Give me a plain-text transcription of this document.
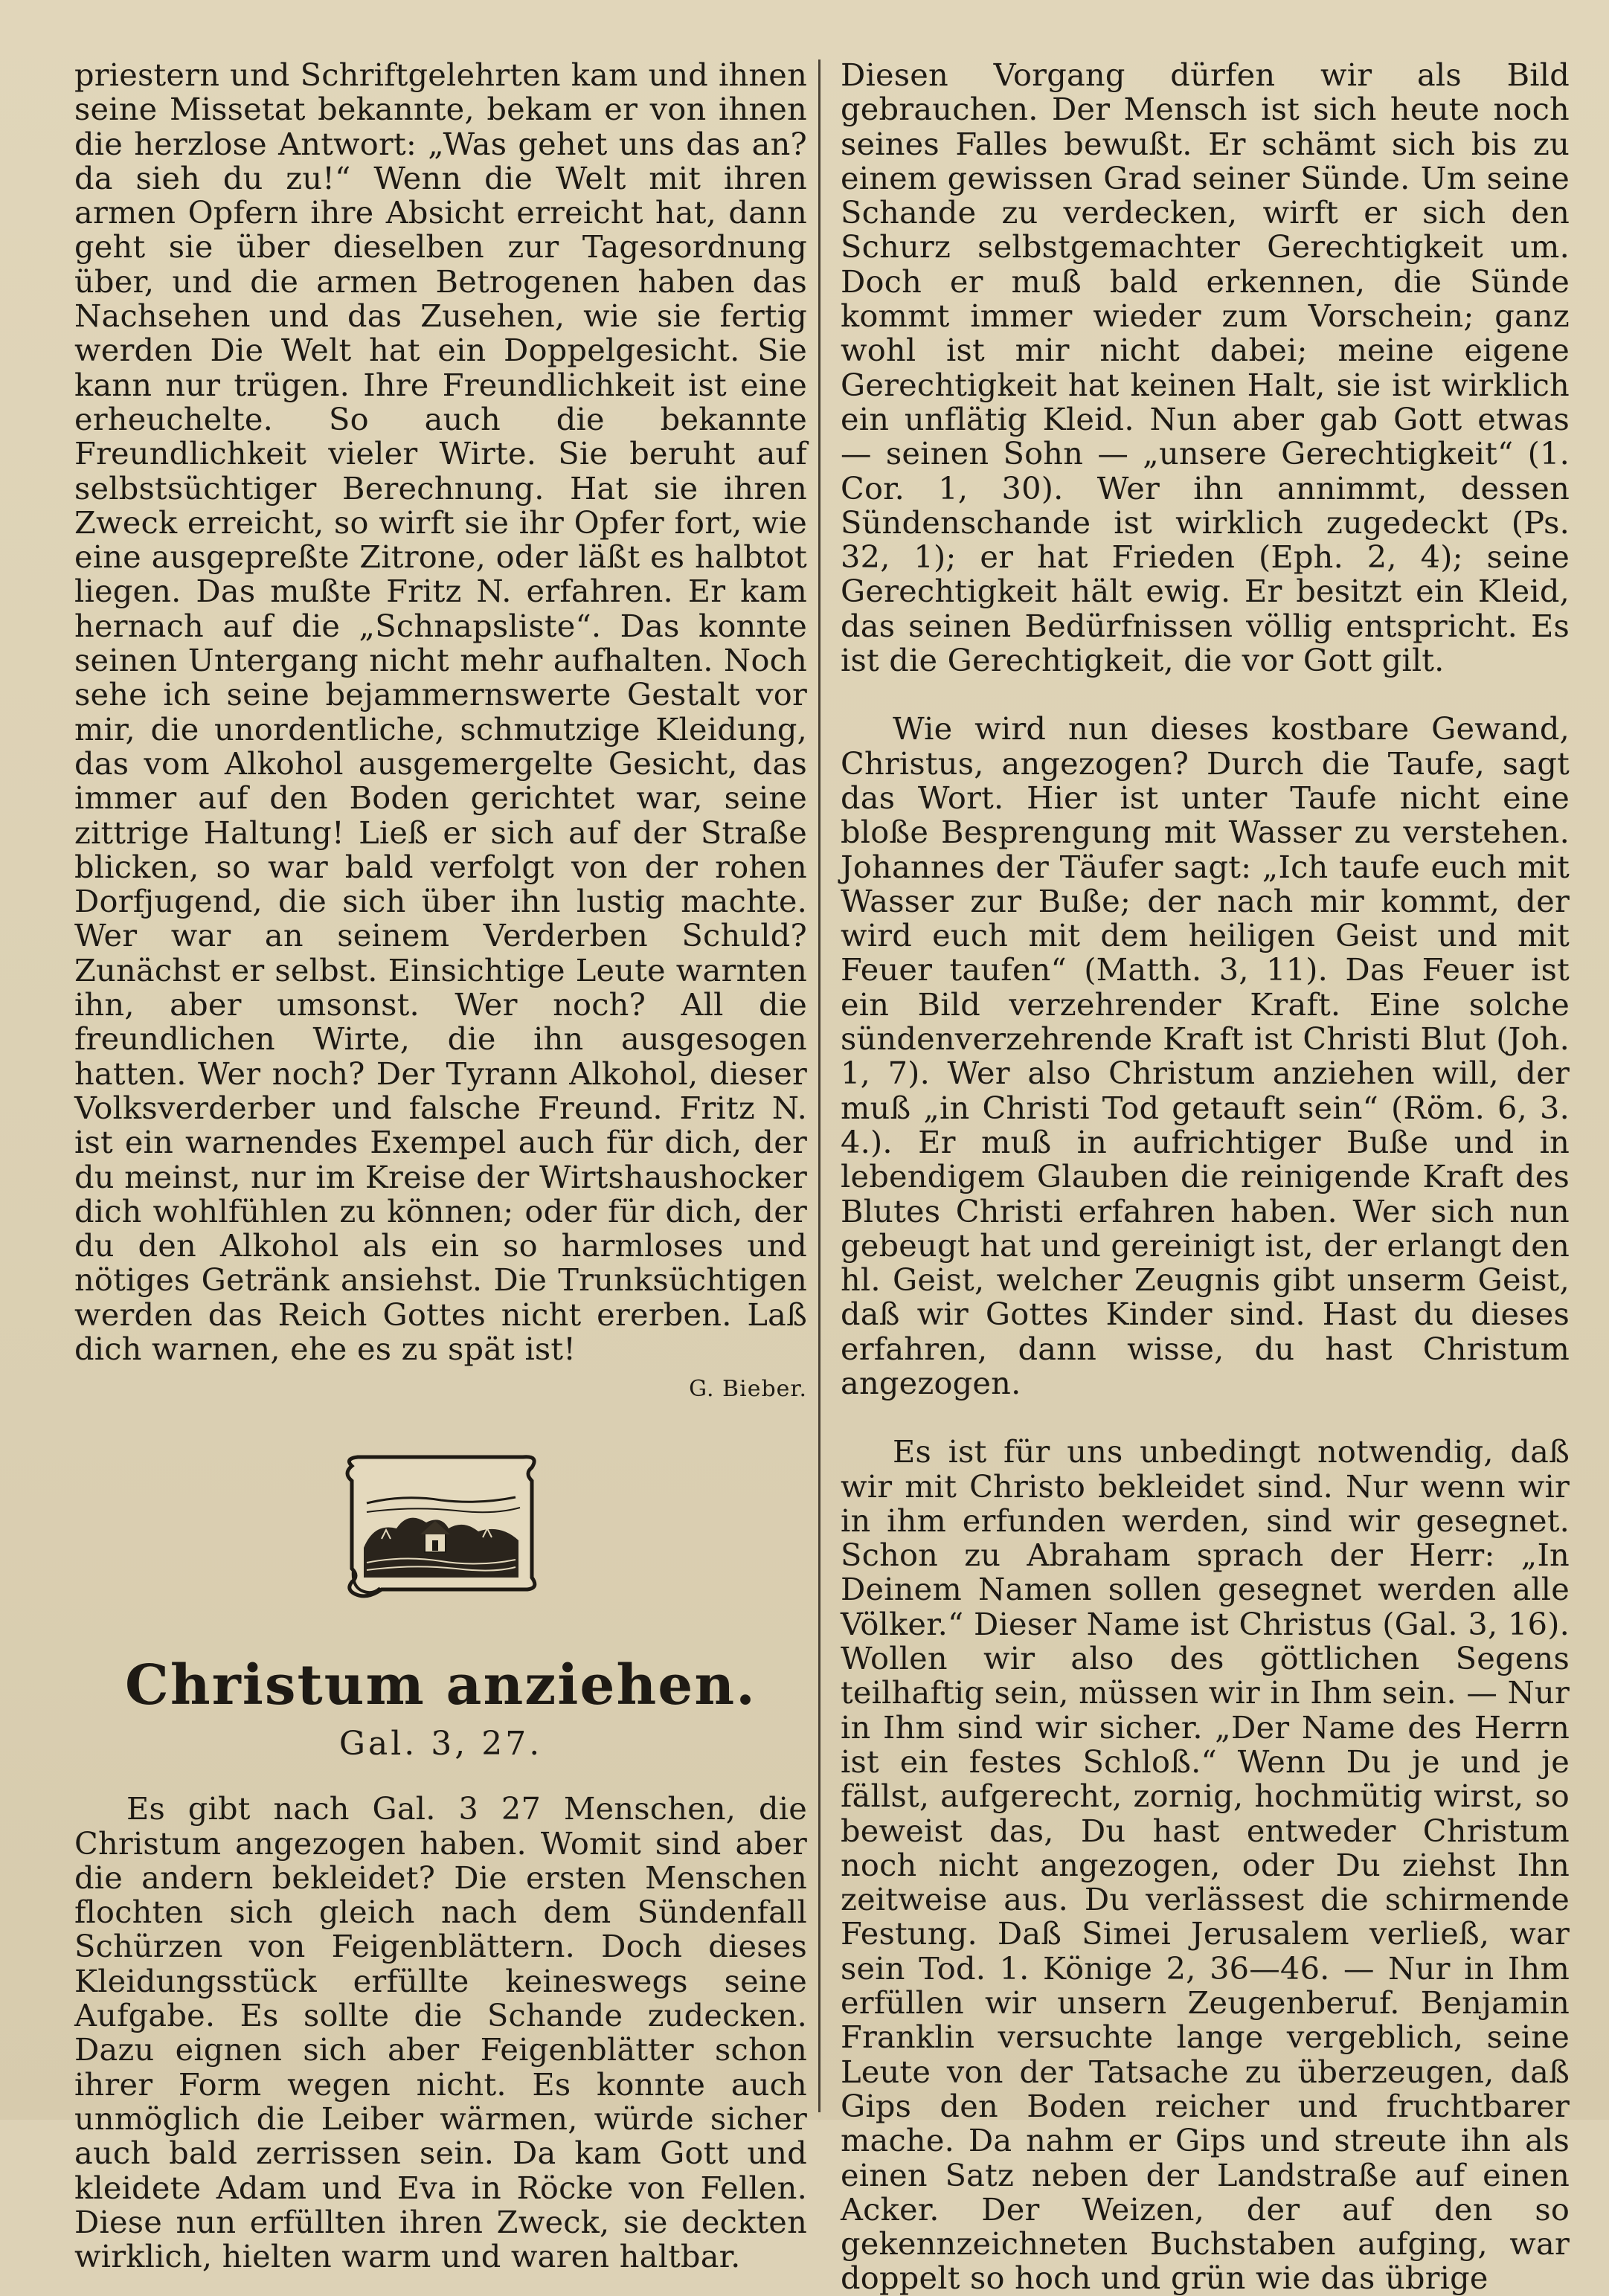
priestern und Schriftgelehrten kam und ihnen seine Missetat bekannte, bekam er von ihnen die herzlose Antwort: „Was gehet uns das an? da sieh du zu!“ Wenn die Welt mit ihren armen Opfern ihre Absicht erreicht hat, dann geht sie über dieselben zur Tagesordnung über, und die armen Betrogenen haben das Nachsehen und das Zusehen, wie sie fertig werden Die Welt hat ein Doppelgesicht. Sie kann nur trügen. Ihre Freundlichkeit ist eine erheuchelte. So auch die bekannte Freundlichkeit vieler Wirte. Sie beruht auf selbstsüchtiger Berechnung. Hat sie ihren Zweck erreicht, so wirft sie ihr Opfer fort, wie eine ausgepreßte Zitrone, oder läßt es halbtot liegen. Das mußte Fritz N. erfahren. Er kam hernach auf die „Schnapsliste“. Das konnte seinen Untergang nicht mehr aufhalten. Noch sehe ich seine bejammernswerte Gestalt vor mir, die unordentliche, schmutzige Kleidung, das vom Alkohol ausgemergelte Gesicht, das immer auf den Boden gerichtet war, seine zittrige Haltung! Ließ er sich auf der Straße blicken, so war bald verfolgt von der rohen Dorfjugend, die sich über ihn lustig machte. Wer war an seinem Verderben Schuld? Zunächst er selbst. Einsichtige Leute warnten ihn, aber umsonst. Wer noch? All die freundlichen Wirte, die ihn ausgesogen hatten. Wer noch? Der Tyrann Alkohol, dieser Volksverderber und falsche Freund. Fritz N. ist ein warnendes Exempel auch für dich, der du meinst, nur im Kreise der Wirtshaushocker dich wohlfühlen zu können; oder für dich, der du den Alkohol als ein so harmloses und nötiges Getränk ansiehst. Die Trunksüchtigen werden das Reich Gottes nicht ererben. Laß dich warnen, ehe es zu spät ist!

G. Bieber.

Christum anziehen.

Gal. 3, 27.

Es gibt nach Gal. 3 27 Menschen, die Christum angezogen haben. Womit sind aber die andern bekleidet? Die ersten Menschen flochten sich gleich nach dem Sündenfall Schürzen von Feigenblättern. Doch dieses Kleidungsstück erfüllte keineswegs seine Aufgabe. Es sollte die Schande zudecken. Dazu eignen sich aber Feigenblätter schon ihrer Form wegen nicht. Es konnte auch unmöglich die Leiber wärmen, würde sicher auch bald zerrissen sein. Da kam Gott und kleidete Adam und Eva in Röcke von Fellen. Diese nun erfüllten ihren Zweck, sie deckten wirklich, hielten warm und waren haltbar.

Diesen Vorgang dürfen wir als Bild gebrauchen. Der Mensch ist sich heute noch seines Falles bewußt. Er schämt sich bis zu einem gewissen Grad seiner Sünde. Um seine Schande zu verdecken, wirft er sich den Schurz selbstgemachter Gerechtigkeit um. Doch er muß bald erkennen, die Sünde kommt immer wieder zum Vorschein; ganz wohl ist mir nicht dabei; meine eigene Gerechtigkeit hat keinen Halt, sie ist wirklich ein unflätig Kleid. Nun aber gab Gott etwas — seinen Sohn — „unsere Gerechtigkeit“ (1. Cor. 1, 30). Wer ihn annimmt, dessen Sündenschande ist wirklich zugedeckt (Ps. 32, 1); er hat Frieden (Eph. 2, 4); seine Gerechtigkeit hält ewig. Er besitzt ein Kleid, das seinen Bedürfnissen völlig entspricht. Es ist die Gerechtigkeit, die vor Gott gilt.

Wie wird nun dieses kostbare Gewand, Christus, angezogen? Durch die Taufe, sagt das Wort. Hier ist unter Taufe nicht eine bloße Besprengung mit Wasser zu verstehen. Johannes der Täufer sagt: „Ich taufe euch mit Wasser zur Buße; der nach mir kommt, der wird euch mit dem heiligen Geist und mit Feuer taufen“ (Matth. 3, 11). Das Feuer ist ein Bild verzehrender Kraft. Eine solche sündenverzehrende Kraft ist Christi Blut (Joh. 1, 7). Wer also Christum anziehen will, der muß „in Christi Tod getauft sein“ (Röm. 6, 3. 4.). Er muß in aufrichtiger Buße und in lebendigem Glauben die reinigende Kraft des Blutes Christi erfahren haben. Wer sich nun gebeugt hat und gereinigt ist, der erlangt den hl. Geist, welcher Zeugnis gibt unserm Geist, daß wir Gottes Kinder sind. Hast du dieses erfahren, dann wisse, du hast Christum angezogen.

Es ist für uns unbedingt notwendig, daß wir mit Christo bekleidet sind. Nur wenn wir in ihm erfunden werden, sind wir gesegnet. Schon zu Abraham sprach der Herr: „In Deinem Namen sollen gesegnet werden alle Völker.“ Dieser Name ist Christus (Gal. 3, 16). Wollen wir also des göttlichen Segens teilhaftig sein, müssen wir in Ihm sein. — Nur in Ihm sind wir sicher. „Der Name des Herrn ist ein festes Schloß.“ Wenn Du je und je fällst, aufgerecht, zornig, hochmütig wirst, so beweist das, Du hast entweder Christum noch nicht angezogen, oder Du ziehst Ihn zeitweise aus. Du verlässest die schirmende Festung. Daß Simei Jerusalem verließ, war sein Tod. 1. Könige 2, 36—46. — Nur in Ihm erfüllen wir unsern Zeugenberuf. Benjamin Franklin versuchte lange vergeblich, seine Leute von der Tatsache zu überzeugen, daß Gips den Boden reicher und fruchtbarer mache. Da nahm er Gips und streute ihn als einen Satz neben der Landstraße auf einen Acker. Der Weizen, der auf den so gekennzeichneten Buchstaben aufging, war doppelt so hoch und grün wie das übrige
